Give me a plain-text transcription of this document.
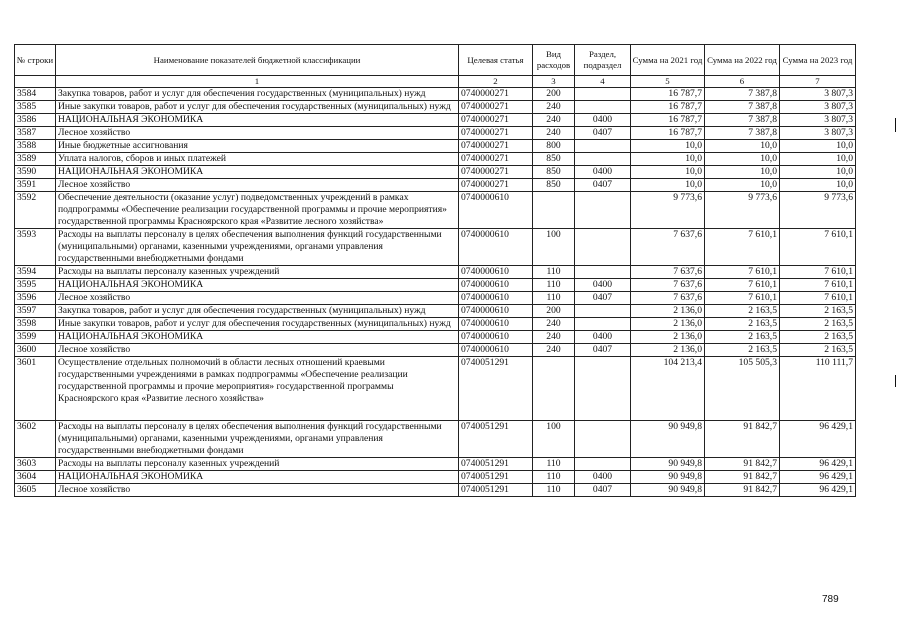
№ строки	Наименование показателей бюджетной классификации	Целевая статья	Вид расходов	Раздел, подраздел	Сумма на 2021 год	Сумма на 2022 год	Сумма на 2023 год
	1	2	3	4	5	6	7
3584	Закупка товаров, работ и услуг для обеспечения государственных (муниципальных) нужд	0740000271	200		16 787,7	7 387,8	3 807,3
3585	Иные закупки товаров, работ и услуг для обеспечения государственных (муниципальных) нужд	0740000271	240		16 787,7	7 387,8	3 807,3
3586	НАЦИОНАЛЬНАЯ ЭКОНОМИКА	0740000271	240	0400	16 787,7	7 387,8	3 807,3
3587	Лесное хозяйство	0740000271	240	0407	16 787,7	7 387,8	3 807,3
3588	Иные бюджетные ассигнования	0740000271	800		10,0	10,0	10,0
3589	Уплата налогов, сборов и иных платежей	0740000271	850		10,0	10,0	10,0
3590	НАЦИОНАЛЬНАЯ ЭКОНОМИКА	0740000271	850	0400	10,0	10,0	10,0
3591	Лесное хозяйство	0740000271	850	0407	10,0	10,0	10,0
3592	Обеспечение деятельности (оказание услуг) подведомственных учреждений в рамках подпрограммы «Обеспечение реализации государственной программы и прочие мероприятия» государственной программы Красноярского края «Развитие лесного хозяйства»	0740000610			9 773,6	9 773,6	9 773,6
3593	Расходы на выплаты персоналу в целях обеспечения выполнения функций государственными (муниципальными) органами, казенными учреждениями, органами управления государственными внебюджетными фондами	0740000610	100		7 637,6	7 610,1	7 610,1
3594	Расходы на выплаты персоналу казенных учреждений	0740000610	110		7 637,6	7 610,1	7 610,1
3595	НАЦИОНАЛЬНАЯ ЭКОНОМИКА	0740000610	110	0400	7 637,6	7 610,1	7 610,1
3596	Лесное хозяйство	0740000610	110	0407	7 637,6	7 610,1	7 610,1
3597	Закупка товаров, работ и услуг для обеспечения государственных (муниципальных) нужд	0740000610	200		2 136,0	2 163,5	2 163,5
3598	Иные закупки товаров, работ и услуг для обеспечения государственных (муниципальных) нужд	0740000610	240		2 136,0	2 163,5	2 163,5
3599	НАЦИОНАЛЬНАЯ ЭКОНОМИКА	0740000610	240	0400	2 136,0	2 163,5	2 163,5
3600	Лесное хозяйство	0740000610	240	0407	2 136,0	2 163,5	2 163,5
3601	Осуществление отдельных полномочий в области лесных отношений краевыми государственными учреждениями в рамках подпрограммы «Обеспечение реализации государственной программы и прочие мероприятия» государственной программы Красноярского края «Развитие лесного хозяйства»	0740051291			104 213,4	105 505,3	110 111,7
3602	Расходы на выплаты персоналу в целях обеспечения выполнения функций государственными (муниципальными) органами, казенными учреждениями, органами управления государственными внебюджетными фондами	0740051291	100		90 949,8	91 842,7	96 429,1
3603	Расходы на выплаты персоналу казенных учреждений	0740051291	110		90 949,8	91 842,7	96 429,1
3604	НАЦИОНАЛЬНАЯ ЭКОНОМИКА	0740051291	110	0400	90 949,8	91 842,7	96 429,1
3605	Лесное хозяйство	0740051291	110	0407	90 949,8	91 842,7	96 429,1
789
